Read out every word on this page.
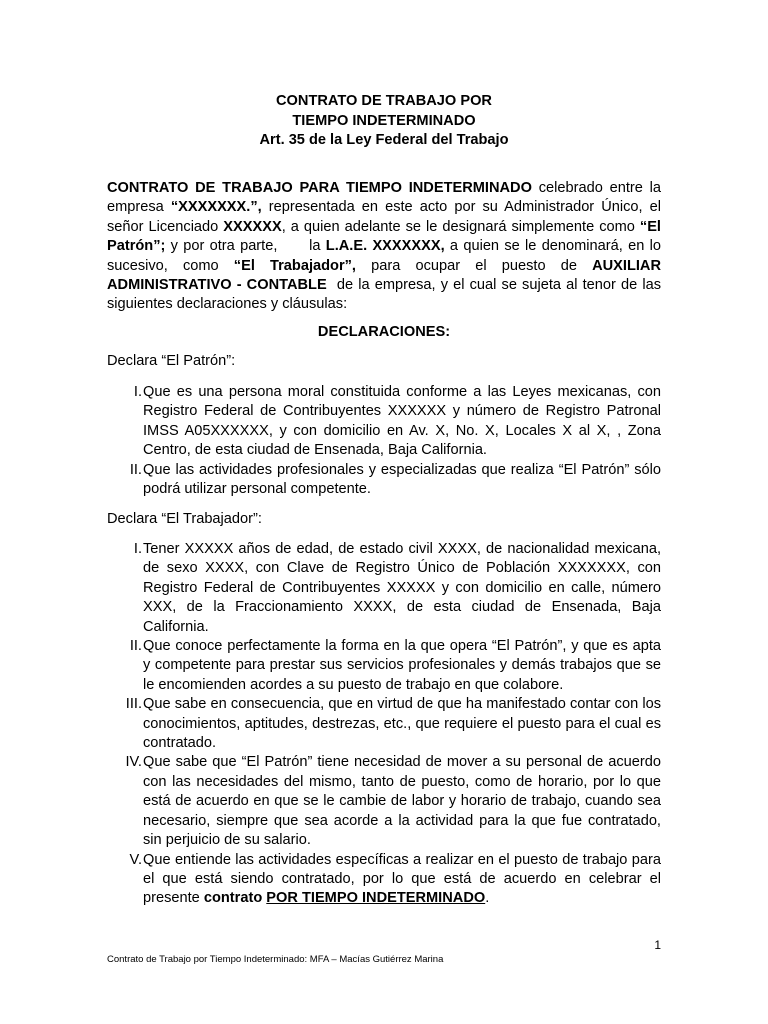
CONTRATO DE TRABAJO POR
TIEMPO INDETERMINADO
Art. 35 de la Ley Federal del Trabajo

CONTRATO DE TRABAJO PARA TIEMPO INDETERMINADO celebrado entre la empresa “XXXXXXX.”, representada en este acto por su Administrador Único, el señor Licenciado XXXXXX, a quien adelante se le designará simplemente como “El Patrón”; y por otra parte,      la L.A.E. XXXXXXX, a quien se le denominará, en lo sucesivo, como “El Trabajador”, para ocupar el puesto de AUXILIAR ADMINISTRATIVO - CONTABLE  de la empresa, y el cual se sujeta al tenor de las siguientes declaraciones y cláusulas:

DECLARACIONES:
Declara “El Patrón”:
I. Que es una persona moral constituida conforme a las Leyes mexicanas, con Registro Federal de Contribuyentes XXXXXX y número de Registro Patronal IMSS A05XXXXXX, y con domicilio en Av. X, No. X, Locales X al X, , Zona Centro, de esta ciudad de Ensenada, Baja California.
II. Que las actividades profesionales y especializadas que realiza “El Patrón” sólo podrá utilizar personal competente.
Declara “El Trabajador”:
I. Tener XXXXX años de edad, de estado civil XXXX, de nacionalidad mexicana, de sexo XXXX, con Clave de Registro Único de Población XXXXXXX, con Registro Federal de Contribuyentes XXXXX y con domicilio en calle, número XXX, de la Fraccionamiento XXXX, de esta ciudad de Ensenada, Baja California.
II. Que conoce perfectamente la forma en la que opera “El Patrón”, y que es apta y competente para prestar sus servicios profesionales y demás trabajos que se le encomienden acordes a su puesto de trabajo en que colabore.
III. Que sabe en consecuencia, que en virtud de que ha manifestado contar con los conocimientos, aptitudes, destrezas, etc., que requiere el puesto para el cual es contratado.
IV. Que sabe que “El Patrón” tiene necesidad de mover a su personal de acuerdo con las necesidades del mismo, tanto de puesto, como de horario, por lo que está de acuerdo en que se le cambie de labor y horario de trabajo, cuando sea necesario, siempre que sea acorde a la actividad para la que fue contratado, sin perjuicio de su salario.
V. Que entiende las actividades específicas a realizar en el puesto de trabajo para el que está siendo contratado, por lo que está de acuerdo en celebrar el presente contrato POR TIEMPO INDETERMINADO.
1
Contrato de Trabajo por Tiempo Indeterminado: MFA – Macías Gutiérrez Marina
